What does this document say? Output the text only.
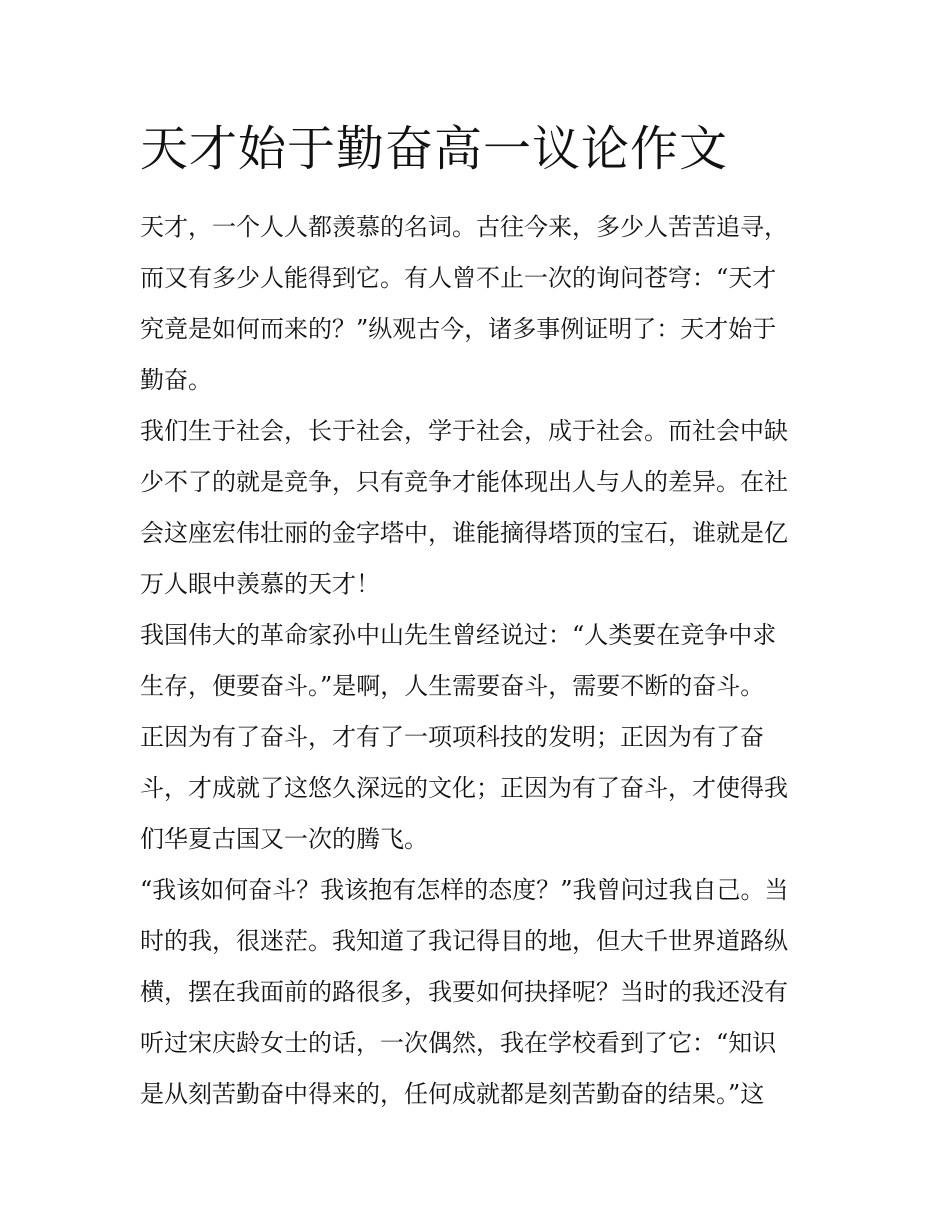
天才始于勤奋高一议论作文
天才，一个人人都羡慕的名词。古往今来，多少人苦苦追寻，
而又有多少人能得到它。有人曾不止一次的询问苍穹：“天才
究竟是如何而来的？”纵观古今，诸多事例证明了：天才始于
勤奋。
我们生于社会，长于社会，学于社会，成于社会。而社会中缺
少不了的就是竞争，只有竞争才能体现出人与人的差异。在社
会这座宏伟壮丽的金字塔中，谁能摘得塔顶的宝石，谁就是亿
万人眼中羡慕的天才！
我国伟大的革命家孙中山先生曾经说过：“人类要在竞争中求
生存，便要奋斗。”是啊，人生需要奋斗，需要不断的奋斗。
正因为有了奋斗，才有了一项项科技的发明；正因为有了奋
斗，才成就了这悠久深远的文化；正因为有了奋斗，才使得我
们华夏古国又一次的腾飞。
“我该如何奋斗？我该抱有怎样的态度？”我曾问过我自己。当
时的我，很迷茫。我知道了我记得目的地，但大千世界道路纵
横，摆在我面前的路很多，我要如何抉择呢？当时的我还没有
听过宋庆龄女士的话，一次偶然，我在学校看到了它：“知识
是从刻苦勤奋中得来的，任何成就都是刻苦勤奋的结果。”这
